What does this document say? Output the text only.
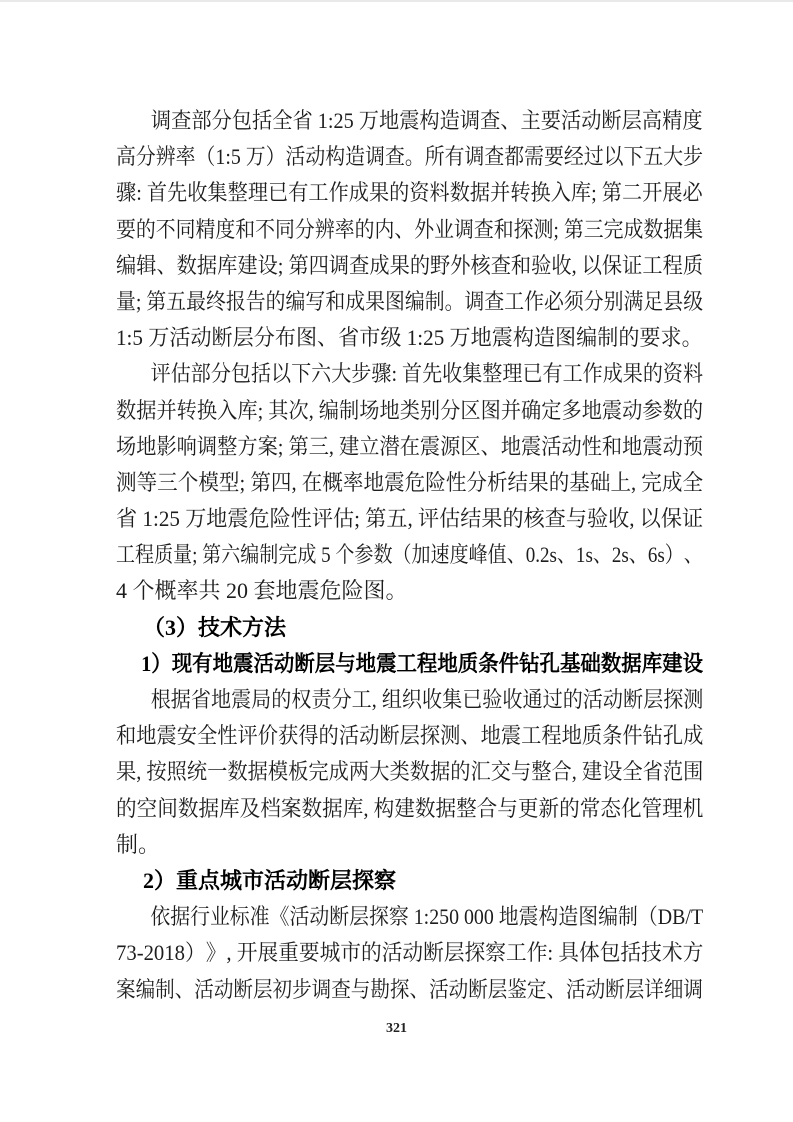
调 查 部 分 包 括 全 省
1 : 2 5
万 地 震 构 造 调 查 、 主 要 活 动 断 层 高 精 度
高 分 辨 率 （ 1 : 5
万 ） 活 动 构 造 调 查 。 所 有 调 查 都 需 要 经 过 以 下 五 大 步
骤 :
首 先 收 集 整 理 已 有 工 作 成 果 的 资 料 数 据 并 转 换 入 库 ;
第 二 开 展 必
要 的 不 同 精 度 和 不 同 分 辨 率 的 内 、 外 业 调 查 和 探 测 ;
第 三 完 成 数 据 集
编 辑 、 数 据 库 建 设 ;
第 四 调 查 成 果 的 野 外 核 查 和 验 收 ,
以 保 证 工 程 质
量 ;
第 五 最 终 报 告 的 编 写 和 成 果 图 编 制 。 调 查 工 作 必 须 分 别 满 足 县 级
1:5 万活动断层分布图、省市级 1:25 万地震构造图编制的要求。
评 估 部 分 包 括 以 下 六 大 步 骤 :
首 先 收 集 整 理 已 有 工 作 成 果 的 资 料
数 据 并 转 换 入 库 ;
其 次 ,
编 制 场 地 类 别 分 区 图 并 确 定 多 地 震 动 参 数 的
场 地 影 响 调 整 方 案 ;
第 三 ,
建 立 潜 在 震 源 区 、 地 震 活 动 性 和 地 震 动 预
测 等 三 个 模 型 ;
第 四 ,
在 概 率 地 震 危 险 性 分 析 结 果 的 基 础 上 ,
完 成 全
省
1 : 2 5
万 地 震 危 险 性 评 估 ;
第 五 ,
评 估 结 果 的 核 查 与 验 收 ,
以 保 证
工 程 质 量 ;
第 六 编 制 完 成
5
个 参 数 （ 加 速 度 峰 值 、 0 . 2 s 、 1 s 、 2 s 、 6 s ） 、
4 个概率共 20 套地震危险图。
（3）技术方法
1）现有地震活动断层与地震工程地质条件钻孔基础数据库建设
根 据 省 地 震 局 的 权 责 分 工 ,
组 织 收 集 已 验 收 通 过 的 活 动 断 层 探 测
和 地 震 安 全 性 评 价 获 得 的 活 动 断 层 探 测 、 地 震 工 程 地 质 条 件 钻 孔 成
果 ,
按 照 统 一 数 据 模 板 完 成 两 大 类 数 据 的 汇 交 与 整 合 ,
建 设 全 省 范 围
的 空 间 数 据 库 及 档 案 数 据 库 ,
构 建 数 据 整 合 与 更 新 的 常 态 化 管 理 机
制。
2）重点城市活动断层探察
依 据 行 业 标 准 《 活 动 断 层 探 察
1 : 2 5 0
0 0 0
地 震 构 造 图 编 制 （ D B / T
7 3 - 2 0 1 8 ） 》 ,
开 展 重 要 城 市 的 活 动 断 层 探 察 工 作 :
具 体 包 括 技 术 方
案编制、活动断层初步调查与勘探、活动断层鉴定、活动断层详细调
321
